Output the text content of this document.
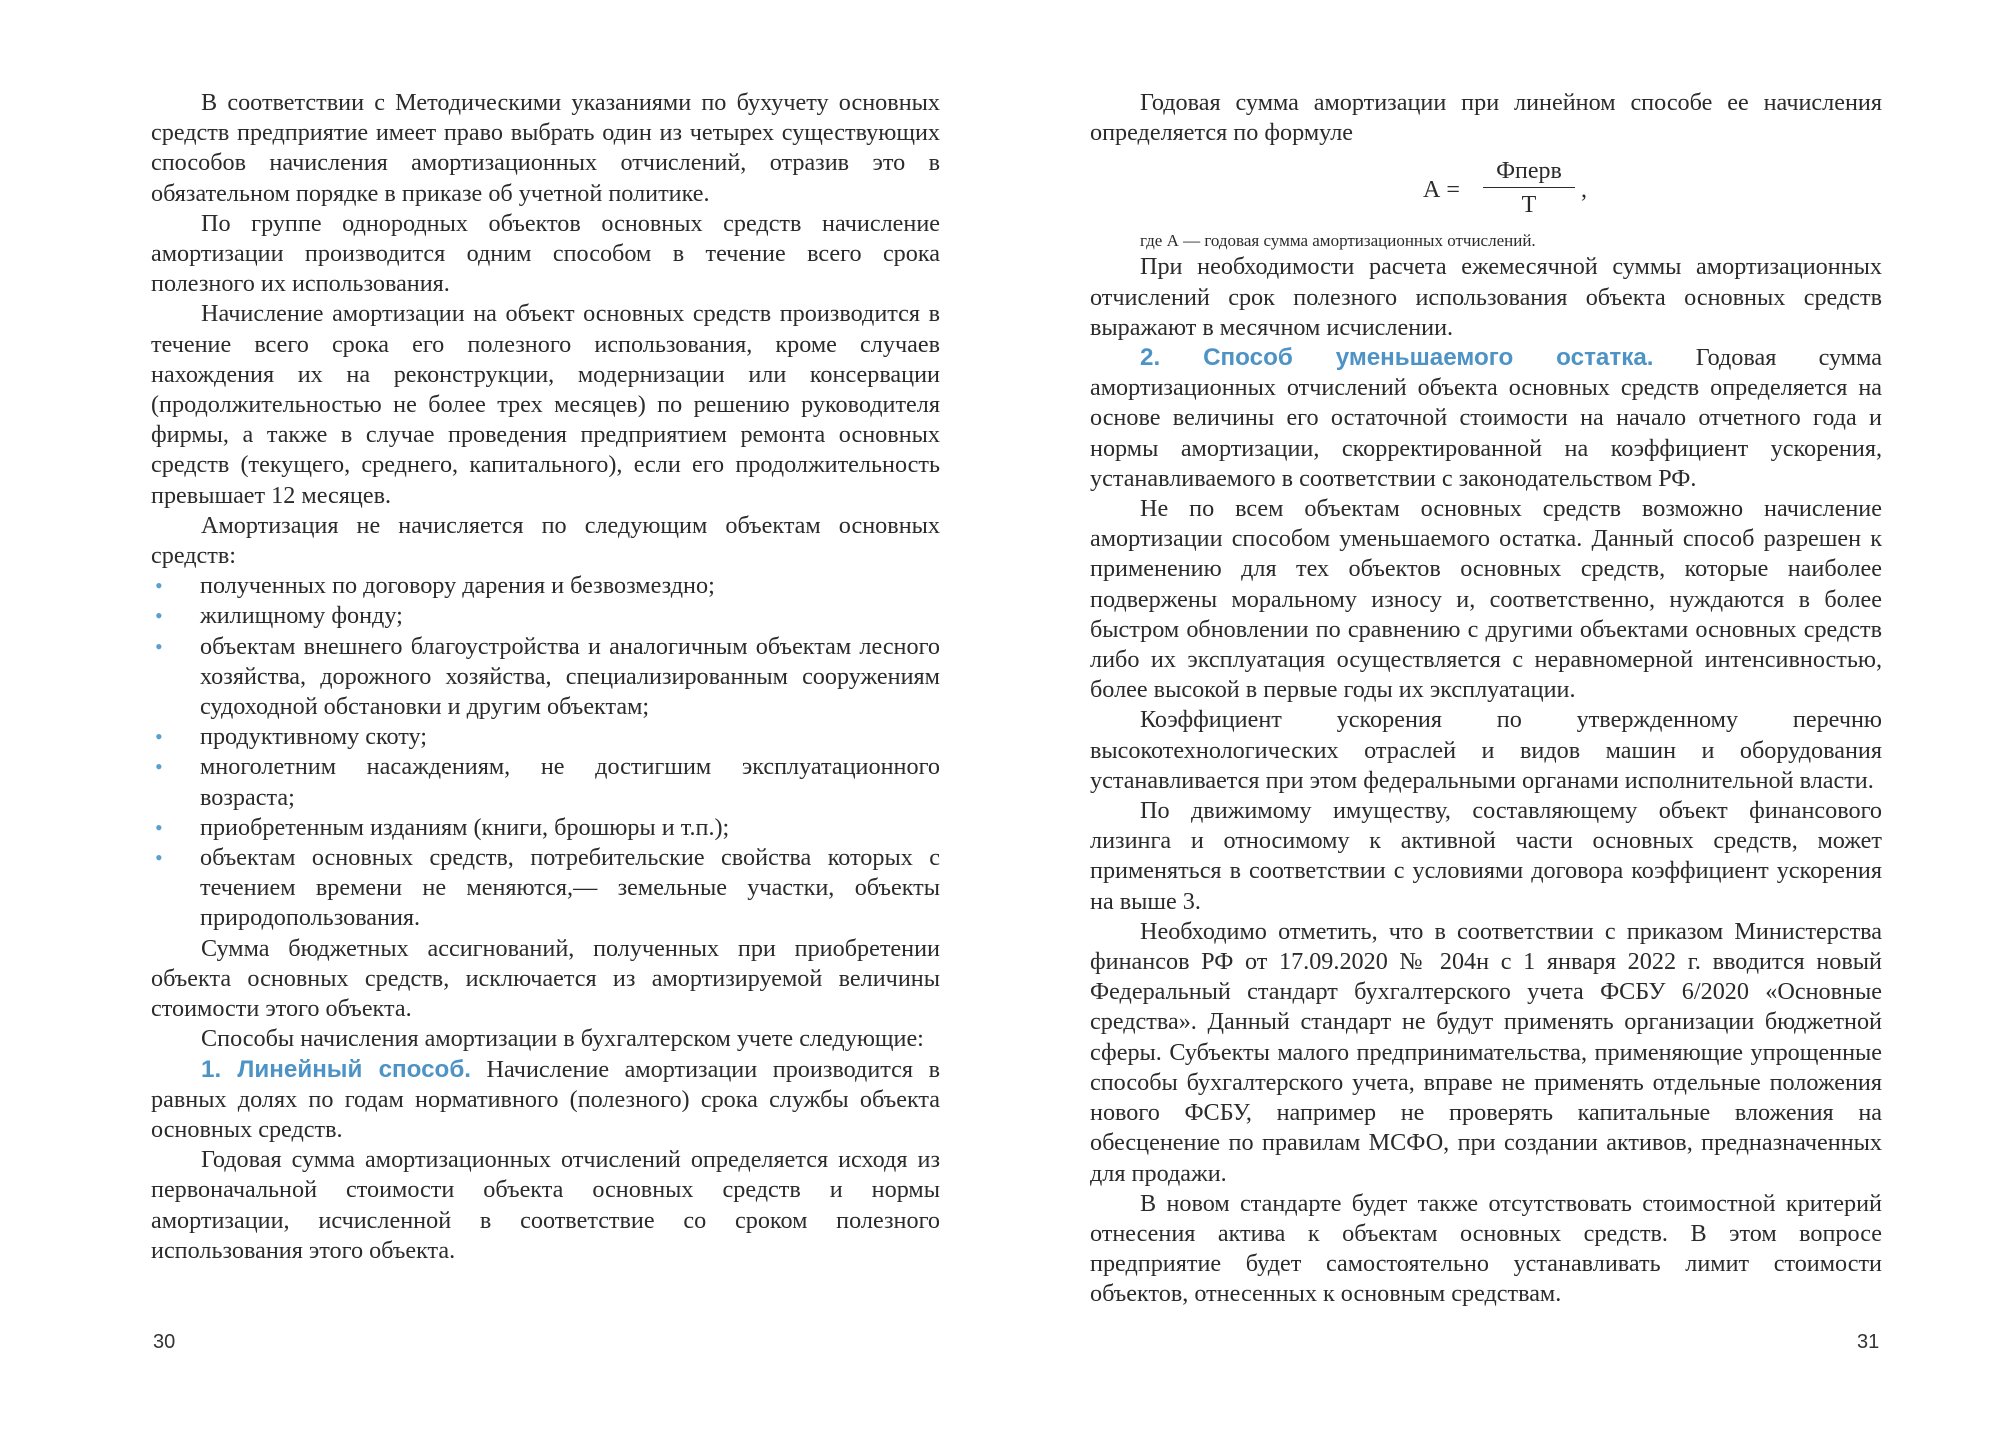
В соответствии с Методическими указаниями по бухучету основных средств предприятие имеет право выбрать один из четырех существующих способов начисления амортизационных отчислений, отразив это в обязательном порядке в приказе об учетной политике.

По группе однородных объектов основных средств начисление амортизации производится одним способом в течение всего срока полезного их использования.

Начисление амортизации на объект основных средств производится в течение всего срока его полезного использования, кроме случаев нахождения их на реконструкции, модернизации или консервации (продолжительностью не более трех месяцев) по решению руководителя фирмы, а также в случае проведения предприятием ремонта основных средств (текущего, среднего, капитального), если его продолжительность превышает 12 месяцев.

Амортизация не начисляется по следующим объектам основных средств:

• полученных по договору дарения и безвозмездно;
• жилищному фонду;
• объектам внешнего благоустройства и аналогичным объектам лесного хозяйства, дорожного хозяйства, специализированным сооружениям судоходной обстановки и другим объектам;
• продуктивному скоту;
• многолетним насаждениям, не достигшим эксплуатационного возраста;
• приобретенным изданиям (книги, брошюры и т.п.);
• объектам основных средств, потребительские свойства которых с течением времени не меняются,— земельные участки, объекты природопользования.

Сумма бюджетных ассигнований, полученных при приобретении объекта основных средств, исключается из амортизируемой величины стоимости этого объекта.

Способы начисления амортизации в бухгалтерском учете следующие:

1. Линейный способ. Начисление амортизации производится в равных долях по годам нормативного (полезного) срока службы объекта основных средств.

Годовая сумма амортизационных отчислений определяется исходя из первоначальной стоимости объекта основных средств и нормы амортизации, исчисленной в соответствие со сроком полезного использования этого объекта.

30

Годовая сумма амортизации при линейном способе ее начисления определяется по формуле

А =
Фперв
Т
,

где А — годовая сумма амортизационных отчислений.

При необходимости расчета ежемесячной суммы амортизационных отчислений срок полезного использования объекта основных средств выражают в месячном исчислении.

2. Способ уменьшаемого остатка. Годовая сумма амортизационных отчислений объекта основных средств определяется на основе величины его остаточной стоимости на начало отчетного года и нормы амортизации, скорректированной на коэффициент ускорения, устанавливаемого в соответствии с законодательством РФ.

Не по всем объектам основных средств возможно начисление амортизации способом уменьшаемого остатка. Данный способ разрешен к применению для тех объектов основных средств, которые наиболее подвержены моральному износу и, соответственно, нуждаются в более быстром обновлении по сравнению с другими объектами основных средств либо их эксплуатация осуществляется с неравномерной интенсивностью, более высокой в первые годы их эксплуатации.

Коэффициент ускорения по утвержденному перечню высокотехнологических отраслей и видов машин и оборудования устанавливается при этом федеральными органами исполнительной власти.

По движимому имуществу, составляющему объект финансового лизинга и относимому к активной части основных средств, может применяться в соответствии с условиями договора коэффициент ускорения на выше 3.

Необходимо отметить, что в соответствии с приказом Министерства финансов РФ от 17.09.2020 № 204н с 1 января 2022 г. вводится новый Федеральный стандарт бухгалтерского учета ФСБУ 6/2020 «Основные средства». Данный стандарт не будут применять организации бюджетной сферы. Субъекты малого предпринимательства, применяющие упрощенные способы бухгалтерского учета, вправе не применять отдельные положения нового ФСБУ, например не проверять капитальные вложения на обесценение по правилам МСФО, при создании активов, предназначенных для продажи.

В новом стандарте будет также отсутствовать стоимостной критерий отнесения актива к объектам основных средств. В этом вопросе предприятие будет самостоятельно устанавливать лимит стоимости объектов, отнесенных к основным средствам.

31
